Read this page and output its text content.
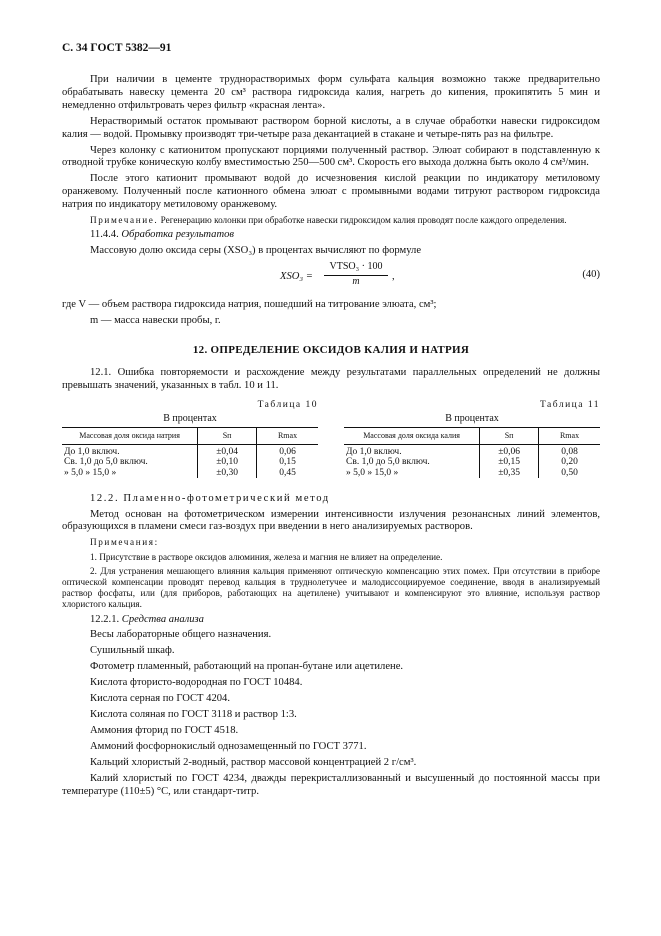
С. 34 ГОСТ 5382—91

При наличии в цементе труднорастворимых форм сульфата кальция возможно также предварительно обрабатывать навеску цемента 20 см³ раствора гидроксида калия, нагреть до кипения, прокипятить 5 мин и немедленно отфильтровать через фильтр «красная лента».

Нерастворимый остаток промывают раствором борной кислоты, а в случае обработки навески гидроксидом калия — водой. Промывку производят три-четыре раза декантацией в стакане и четыре-пять раз на фильтре.

Через колонку с катионитом пропускают порциями полученный раствор. Элюат собирают в подставленную к отводной трубке коническую колбу вместимостью 250—500 см³. Скорость его выхода должна быть около 4 см³/мин.

После этого катионит промывают водой до исчезновения кислой реакции по индикатору метиловому оранжевому. Полученный после катионного обмена элюат с промывными водами титруют раствором гидроксида натрия по индикатору метиловому оранжевому.

Примечание. Регенерацию колонки при обработке навески гидроксидом калия проводят после каждого определения.

11.4.4. Обработка результатов

Массовую долю оксида серы (XSO₃) в процентах вычисляют по формуле

XSO₃ =
VTSO₃ · 100
m	,	(40)

где V — объем раствора гидроксида натрия, пошедший на титрование элюата, см³;

m — масса навески пробы, г.

12. ОПРЕДЕЛЕНИЕ ОКСИДОВ КАЛИЯ И НАТРИЯ

12.1. Ошибка повторяемости и расхождение между результатами параллельных определений не должны превышать значений, указанных в табл. 10 и 11.

Таблица 10
В процентах
Массовая доля оксида натрия	Sп	Rmax
До 1,0 включ.	±0,04	0,06
Св. 1,0 до 5,0 включ.	±0,10	0,15
» 5,0 » 15,0 »	±0,30	0,45
Таблица 11
В процентах
Массовая доля оксида калия	Sп	Rmax
До 1,0 включ.	±0,06	0,08
Св. 1,0 до 5,0 включ.	±0,15	0,20
» 5,0 » 15,0 »	±0,35	0,50

12.2. Пламенно-фотометрический метод

Метод основан на фотометрическом измерении интенсивности излучения резонансных линий элементов, образующихся в пламени смеси газ-воздух при введении в него анализируемых растворов.

Примечания:

1. Присутствие в растворе оксидов алюминия, железа и магния не влияет на определение.

2. Для устранения мешающего влияния кальция применяют оптическую компенсацию этих помех. При отсутствии в приборе оптической компенсации проводят перевод кальция в труднолетучее и малодиссоциируемое соединение, вводя в анализируемый раствор фосфаты, или (для приборов, работающих на ацетилене) учитывают и компенсируют это влияние, используя раствор хлористого кальция.

12.2.1. Средства анализа

Весы лабораторные общего назначения.

Сушильный шкаф.

Фотометр пламенный, работающий на пропан-бутане или ацетилене.

Кислота фтористо-водородная по ГОСТ 10484.

Кислота серная по ГОСТ 4204.

Кислота соляная по ГОСТ 3118 и раствор 1:3.

Аммония фторид по ГОСТ 4518.

Аммоний фосфорнокислый однозамещенный по ГОСТ 3771.

Кальций хлористый 2-водный, раствор массовой концентрацией 2 г/см³.

Калий хлористый по ГОСТ 4234, дважды перекристаллизованный и высушенный до постоянной массы при температуре (110±5) °С, или стандарт-титр.
